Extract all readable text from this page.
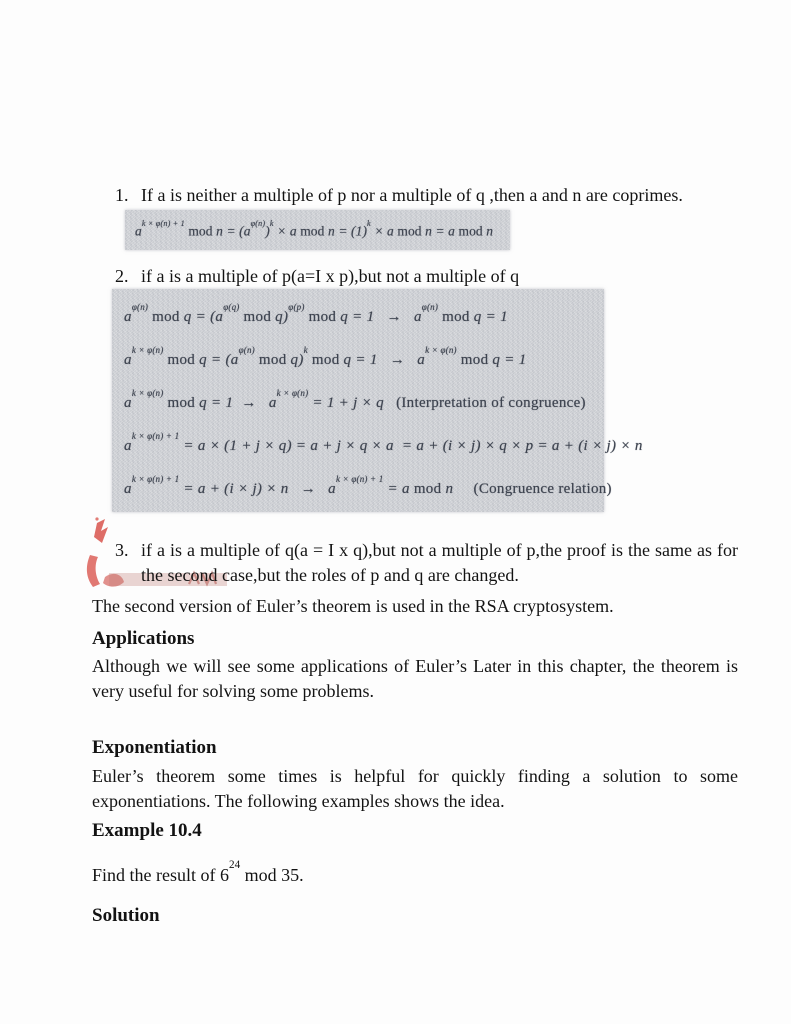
1. If a is neither a multiple of p nor a multiple of q ,then a and n are coprimes.

$a^{k \times \varphi(n) + 1}$ mod $n = (a^{\varphi(n)})^k \times a$ mod $n = (1)^k \times a$ mod n = a mod n

2. if a is a multiple of p(a=I x p),but not a multiple of q

$a^{\varphi(n)}$ mod $q = (a^{\varphi(q)}$ mod q)$^{\varphi(p)}$ mod $q = 1 \to a^{\varphi(n)}$ mod q = 1

$a^{k \times \varphi(n)}$ mod $q = (a^{\varphi(n)}$ mod q)$^k$ mod $q = 1 \to a^{k \times \varphi(n)}$ mod q = 1

$a^{k \times \varphi(n)}$ mod $q = 1 \to a^{k \times \varphi(n)} = 1 + j \times q$   (Interpretation of congruence)

$a^{k \times \varphi(n) + 1} = a \times (1 + j \times q) = a + j \times q \times a = a + (i \times j) \times q \times p = a + (i \times j) \times n$

$a^{k \times \varphi(n) + 1} = a + (i \times j) \times n \to a^{k \times \varphi(n) + 1} = a$ mod n     (Congruence relation)

3. if a is a multiple of q(a = I x q),but not a multiple of p,the proof is the same as for the second case,but the roles of p and q are changed.

The second version of Euler’s theorem is used in the RSA cryptosystem.

Applications

Although we will see some applications of Euler’s Later in this chapter, the theorem is very useful for solving some problems.

Exponentiation

Euler’s theorem some times is helpful for quickly finding a solution to some exponentiations. The following examples shows the idea.

Example 10.4

Find the result of $6^{24}$ mod 35.

Solution
